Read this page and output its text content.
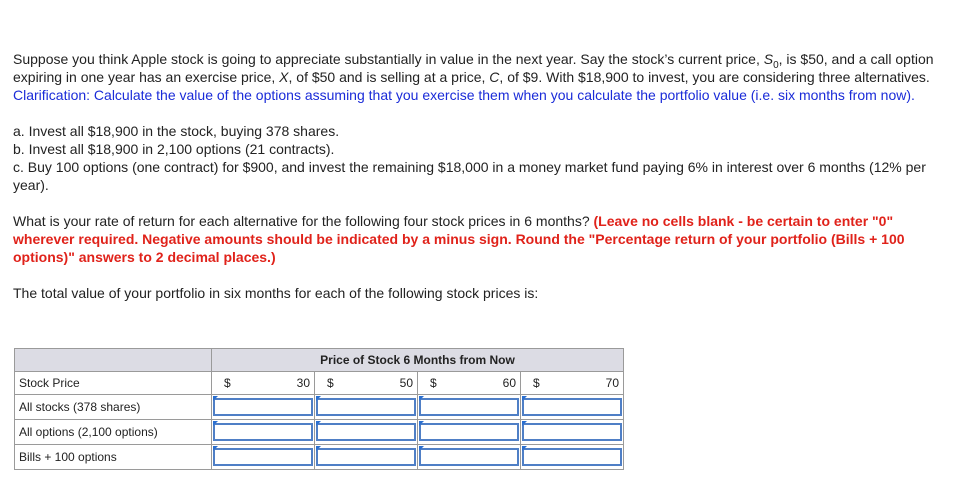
Suppose you think Apple stock is going to appreciate substantially in value in the next year. Say the stock’s current price, $S_0$, is $50, and a call option expiring in one year has an exercise price, X, of $50 and is selling at a price, C, of $9. With $18,900 to invest, you are considering three alternatives. Clarification: Calculate the value of the options assuming that you exercise them when you calculate the portfolio value (i.e. six months from now).

a. Invest all $18,900 in the stock, buying 378 shares.
b. Invest all $18,900 in 2,100 options (21 contracts).
c. Buy 100 options (one contract) for $900, and invest the remaining $18,000 in a money market fund paying 6% in interest over 6 months (12% per year).

What is your rate of return for each alternative for the following four stock prices in 6 months? (Leave no cells blank - be certain to enter "0" wherever required. Negative amounts should be indicated by a minus sign. Round the "Percentage return of your portfolio (Bills + 100 options)" answers to 2 decimal places.)

The total value of your portfolio in six months for each of the following stock prices is:

	Price of Stock 6 Months from Now			
Stock Price	$ 30	$ 50	$ 60	$ 70

All stocks (378 shares)	

All options (2,100 options)	

Bills + 100 options	
